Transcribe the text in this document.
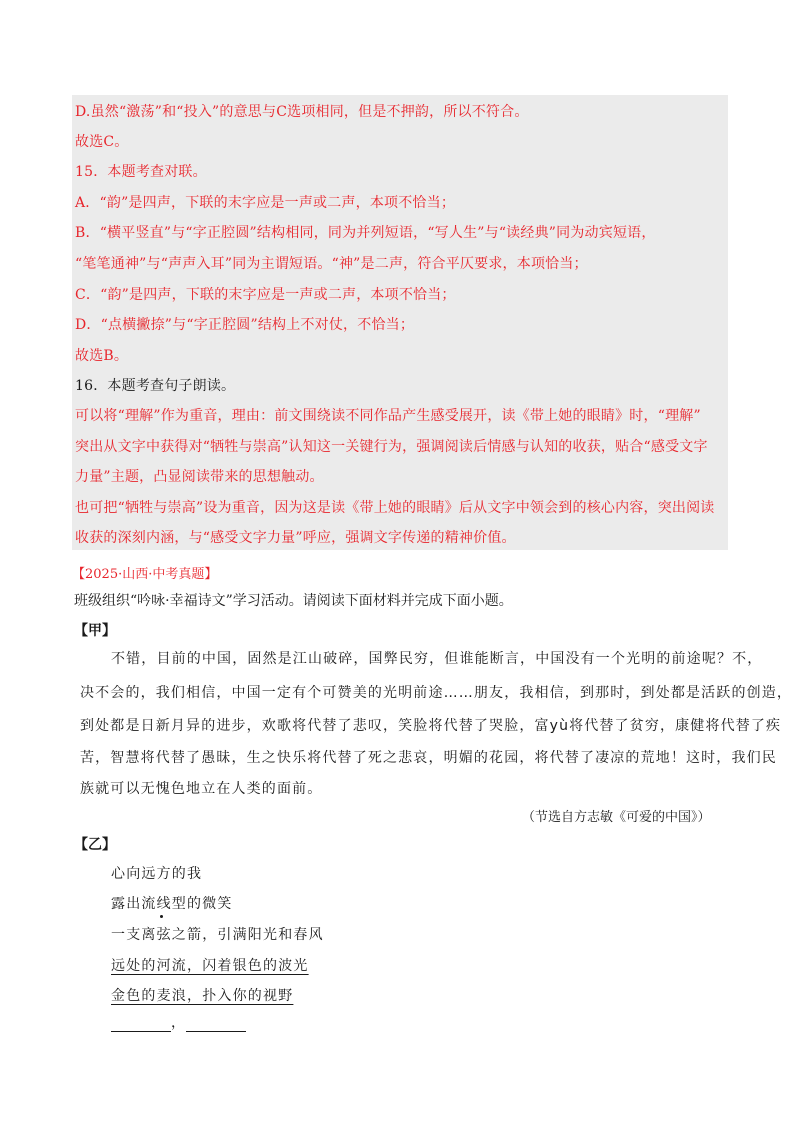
D.虽然“激荡”和“投入”的意思与C选项相同，但是不押韵，所以不符合。

故选C。

15．本题考查对联。

A．“韵”是四声，下联的末字应是一声或二声，本项不恰当；

B．“横平竖直”与“字正腔圆”结构相同，同为并列短语，“写人生”与“读经典”同为动宾短语，

“笔笔通神”与“声声入耳”同为主谓短语。“神”是二声，符合平仄要求，本项恰当；

C．“韵”是四声，下联的末字应是一声或二声，本项不恰当；

D．“点横撇捺”与“字正腔圆”结构上不对仗，不恰当；

故选B。

16．本题考查句子朗读。

可以将“理解”作为重音，理由：前文围绕读不同作品产生感受展开，读《带上她的眼睛》时，“理解”

突出从文字中获得对“牺牲与崇高”认知这一关键行为，强调阅读后情感与认知的收获，贴合“感受文字

力量”主题，凸显阅读带来的思想触动。

也可把“牺牲与崇高”设为重音，因为这是读《带上她的眼睛》后从文字中领会到的核心内容，突出阅读

收获的深刻内涵，与“感受文字力量”呼应，强调文字传递的精神价值。

【2025·山西·中考真题】

班级组织“吟咏·幸福诗文”学习活动。请阅读下面材料并完成下面小题。

【甲】

不错，目前的中国，固然是江山破碎，国弊民穷，但谁能断言，中国没有一个光明的前途呢？不，

决不会的，我们相信，中国一定有个可赞美的光明前途……朋友，我相信，到那时，到处都是活跃的创造，

到处都是日新月异的进步，欢歌将代替了悲叹，笑脸将代替了哭脸，富yù将代替了贫穷，康健将代替了疾

苦，智慧将代替了愚昧，生之快乐将代替了死之悲哀，明媚的花园，将代替了凄凉的荒地！这时，我们民

族就可以无愧色地立在人类的面前。

（节选自方志敏《可爱的中国》）

【乙】

心向远方的我

露出流线型的微笑

一支离弦之箭，引满阳光和春风

远处的河流，闪着银色的波光

金色的麦浪，扑入你的视野

，
